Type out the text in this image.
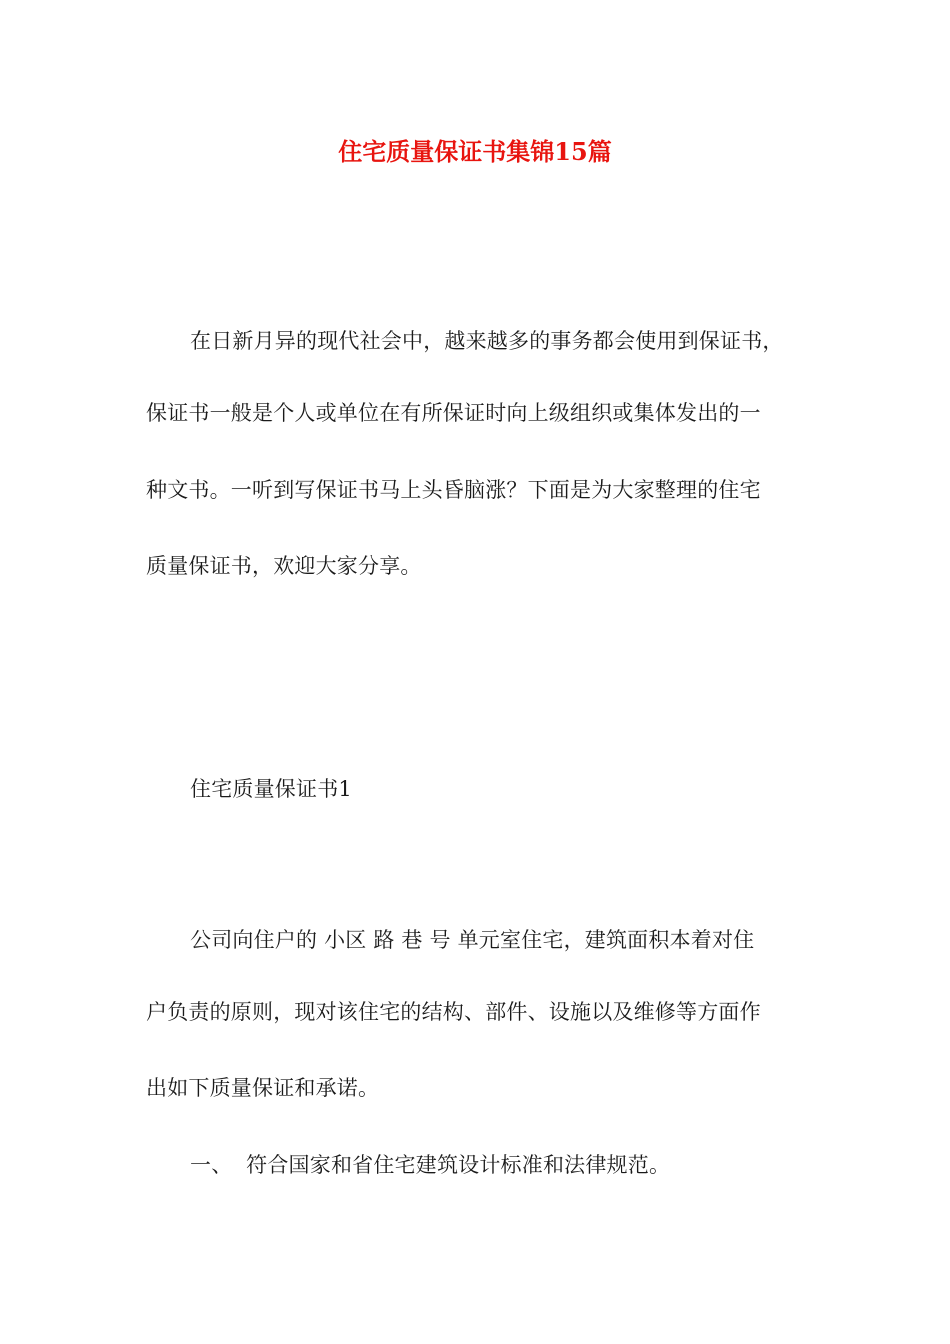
住宅质量保证书集锦15篇
在日新月异的现代社会中，越来越多的事务都会使用到保证书，
保证书一般是个人或单位在有所保证时向上级组织或集体发出的一
种文书。一听到写保证书马上头昏脑涨？下面是为大家整理的住宅
质量保证书，欢迎大家分享。
住宅质量保证书1
公司向住户的 小区 路 巷 号 单元室住宅，建筑面积本着对住
户负责的原则，现对该住宅的结构、部件、设施以及维修等方面作
出如下质量保证和承诺。
一、  符合国家和省住宅建筑设计标准和法律规范。
